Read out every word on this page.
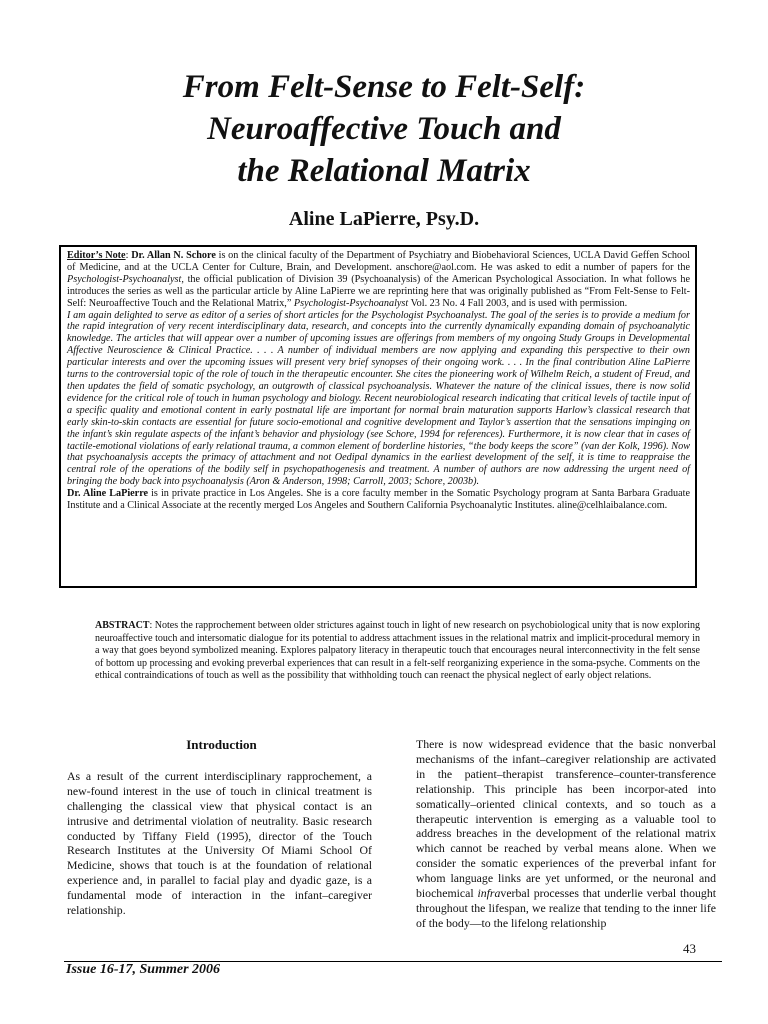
From Felt-Sense to Felt-Self:
Neuroaffective Touch and
the Relational Matrix
Aline LaPierre, Psy.D.

Editor’s Note: Dr. Allan N. Schore is on the clinical faculty of the Department of Psychiatry and Biobehavioral Sciences, UCLA David Geffen School of Medicine, and at the UCLA Center for Culture, Brain, and Development. anschore@aol.com. He was asked to edit a number of papers for the Psychologist-Psychoanalyst, the official publication of Division 39 (Psychoanalysis) of the American Psychological Association. In what follows he introduces the series as well as the particular article by Aline LaPierre we are reprinting here that was originally published as “From Felt-Sense to Felt-Self: Neuroaffective Touch and the Relational Matrix,” Psychologist-Psychoanalyst Vol. 23 No. 4 Fall 2003, and is used with permission.

I am again delighted to serve as editor of a series of short articles for the Psychologist Psychoanalyst. The goal of the series is to provide a medium for the rapid integration of very recent interdisciplinary data, research, and concepts into the currently dynamically expanding domain of psychoanalytic knowledge. The articles that will appear over a number of upcoming issues are offerings from members of my ongoing Study Groups in Developmental Affective Neuroscience & Clinical Practice. . . . A number of individual members are now applying and expanding this perspective to their own particular interests and over the upcoming issues will present very brief synopses of their ongoing work. . . . In the final contribution Aline LaPierre turns to the controversial topic of the role of touch in the therapeutic encounter. She cites the pioneering work of Wilhelm Reich, a student of Freud, and then updates the field of somatic psychology, an outgrowth of classical psychoanalysis. Whatever the nature of the clinical issues, there is now solid evidence for the critical role of touch in human psychology and biology. Recent neurobiological research indicating that critical levels of tactile input of a specific quality and emotional content in early postnatal life are important for normal brain maturation supports Harlow’s classical research that early skin-to-skin contacts are essential for future socio-emotional and cognitive development and Taylor’s assertion that the sensations impinging on the infant’s skin regulate aspects of the infant’s behavior and physiology (see Schore, 1994 for references). Furthermore, it is now clear that in cases of tactile-emotional violations of early relational trauma, a common element of borderline histories, “the body keeps the score” (van der Kolk, 1996). Now that psychoanalysis accepts the primacy of attachment and not Oedipal dynamics in the earliest development of the self, it is time to reappraise the central role of the operations of the bodily self in psychopathogenesis and treatment. A number of authors are now addressing the urgent need of bringing the body back into psychoanalysis (Aron & Anderson, 1998; Carroll, 2003; Schore, 2003b).

Dr. Aline LaPierre is in private practice in Los Angeles. She is a core faculty member in the Somatic Psychology program at Santa Barbara Graduate Institute and a Clinical Associate at the recently merged Los Angeles and Southern California Psychoanalytic Institutes. aline@celhlaibalance.com.

ABSTRACT: Notes the rapprochement between older strictures against touch in light of new research on psychobiological unity that is now exploring neuroaffective touch and intersomatic dialogue for its potential to address attachment issues in the relational matrix and implicit-procedural memory in a way that goes beyond symbolized meaning. Explores palpatory literacy in therapeutic touch that encourages neural interconnectivity in the felt sense of bottom up processing and evoking preverbal experiences that can result in a felt-self reorganizing experience in the soma-psyche. Comments on the ethical contraindications of touch as well as the possibility that withholding touch can reenact the physical neglect of early object relations.
Introduction

As a result of the current interdisciplinary rapprochement, a new-found interest in the use of touch in clinical treatment is challenging the classical view that physical contact is an intrusive and detrimental violation of neutrality. Basic research conducted by Tiffany Field (1995), director of the Touch Research Institutes at the University Of Miami School Of Medicine, shows that touch is at the foundation of relational experience and, in parallel to facial play and dyadic gaze, is a fundamental mode of interaction in the infant–caregiver relationship.

There is now widespread evidence that the basic nonverbal mechanisms of the infant–caregiver relationship are activated in the patient–therapist transference–counter-transference relationship. This principle has been incorpor-ated into somatically–oriented clinical contexts, and so touch as a therapeutic intervention is emerging as a valuable tool to address breaches in the development of the relational matrix which cannot be reached by verbal means alone. When we consider the somatic experiences of the preverbal infant for whom language links are yet unformed, or the neuronal and biochemical infraverbal processes that underlie verbal thought throughout the lifespan, we realize that tending to the inner life of the body—to the lifelong relationship

43
Issue 16-17, Summer 2006
